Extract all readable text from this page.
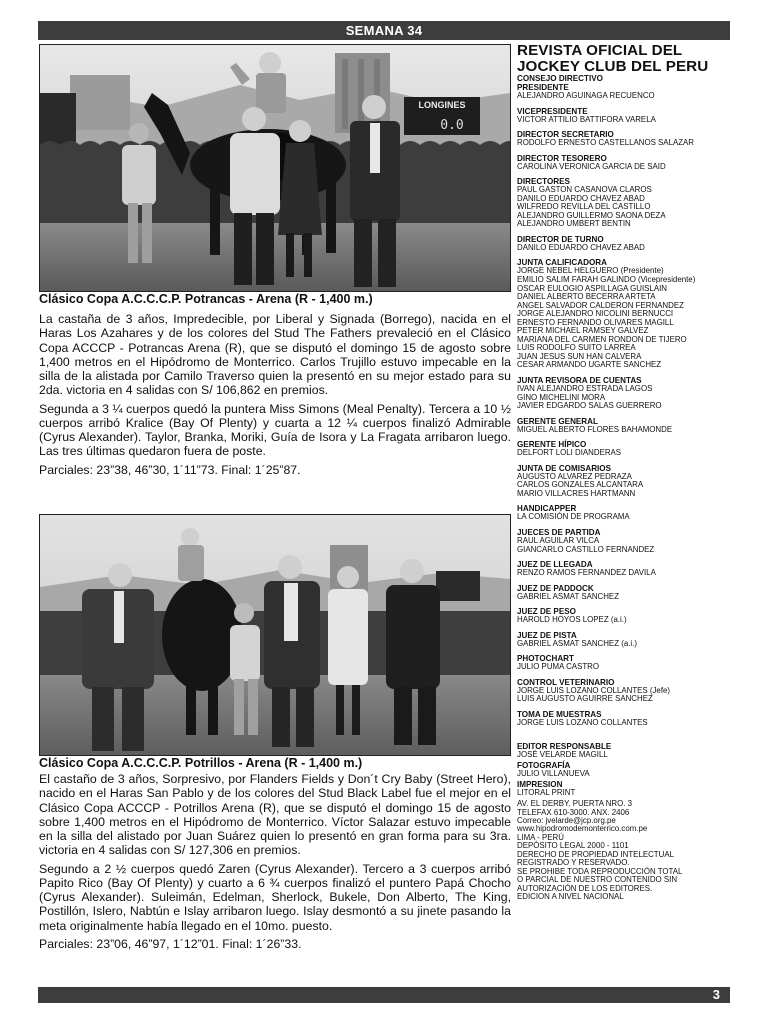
SEMANA 34
LONGINES
0.0
Clásico Copa A.C.C.C.P. Potrancas - Arena (R - 1,400 m.)

La castaña de 3 años, Impredecible, por Liberal y Signada (Borrego), nacida en el Haras Los Azahares y de los colores del Stud The Fathers prevaleció en el Clásico Copa ACCCP - Potrancas Arena (R), que se disputó el domingo 15 de agosto sobre 1,400 metros en el Hipódromo de Monterrico. Carlos Trujillo estuvo impecable en la silla de la alistada por Camilo Traverso quien la presentó en su mejor estado para su 2da. victoria en 4 salidas con S/ 106,862 en premios.

Segunda a 3 ¼ cuerpos quedó la puntera Miss Simons (Meal Penalty). Tercera a 10 ½ cuerpos arribó Kralice (Bay Of Plenty) y cuarta a 12 ¼ cuerpos finalizó Admirable (Cyrus Alexander). Taylor, Branka, Moriki, Guía de Isora y La Fragata arribaron luego. Las tres últimas quedaron fuera de poste.

Parciales: 23”38, 46”30, 1´11”73. Final: 1´25”87.

Clásico Copa A.C.C.C.P. Potrillos - Arena (R - 1,400 m.)

El castaño de 3 años, Sorpresivo, por Flanders Fields y Don´t Cry Baby (Street Hero), nacido en el Haras San Pablo y de los colores del Stud Black Label fue el mejor en el Clásico Copa ACCCP - Potrillos Arena (R), que se disputó el domingo 15 de agosto sobre 1,400 metros en el Hipódromo de Monterrico. Víctor Salazar estuvo impecable en la silla del alistado por Juan Suárez quien lo presentó en gran forma para su 3ra. victoria en 4 salidas con S/ 127,306 en premios.

Segundo a 2 ½ cuerpos quedó Zaren (Cyrus Alexander). Tercero a 3 cuerpos arribó Papito Rico (Bay Of Plenty) y cuarto a 6 ¾ cuerpos finalizó el puntero Papá Chocho (Cyrus Alexander). Suleimán, Edelman, Sherlock, Bukele, Don Alberto, The King, Postillón, Islero, Nabtún e Islay arribaron luego. Islay desmontó a su jinete pasando la meta originalmente había llegado en el 10mo. puesto.

Parciales: 23”06, 46”97, 1´12”01. Final: 1´26”33.

REVISTA OFICIAL DEL JOCKEY CLUB DEL PERU
CONSEJO DIRECTIVO
PRESIDENTE
ALEJANDRO AGUINAGA RECUENCO
VICEPRESIDENTE
VICTOR ATTILIO BATTIFORA VARELA
DIRECTOR SECRETARIO
RODOLFO ERNESTO CASTELLANOS SALAZAR
DIRECTOR TESORERO
CAROLINA VERONICA GARCIA DE SAID
DIRECTORES
PAUL GASTON CASANOVA CLAROS
DANILO EDUARDO CHAVEZ ABAD
WILFREDO REVILLA DEL CASTILLO
ALEJANDRO GUILLERMO SAONA DEZA
ALEJANDRO UMBERT BENTIN
DIRECTOR DE TURNO
DANILO EDUARDO CHAVEZ ABAD
JUNTA CALIFICADORA
JORGE NEBEL HELGUERO (Presidente)
EMILIO SALIM FARAH GALINDO (Vicepresidente)
OSCAR EULOGIO ASPILLAGA GUISLAIN
DANIEL ALBERTO BECERRA ARTETA
ANGEL SALVADOR CALDERON FERNANDEZ
JORGE ALEJANDRO NICOLINI BERNUCCI
ERNESTO FERNANDO OLIVARES MAGILL
PETER MICHAEL RAMSEY GALVEZ
MARIANA DEL CARMEN RONDON DE TIJERO
LUIS RODOLFO SUITO LARREA
JUAN JESUS SUN HAN CALVERA
CESAR ARMANDO UGARTE SANCHEZ
JUNTA REVISORA DE CUENTAS
IVAN ALEJANDRO ESTRADA LAGOS
GINO MICHELINI MORA
JAVIER EDGARDO SALAS GUERRERO
GERENTE GENERAL
MIGUEL ALBERTO FLORES BAHAMONDE
GERENTE HÍPICO
DELFORT LOLI DIANDERAS
JUNTA DE COMISARIOS
AUGUSTO ALVAREZ PEDRAZA
CARLOS GONZALES ALCANTARA
MARIO VILLACRES HARTMANN
HANDICAPPER
LA COMISIÓN DE PROGRAMA
JUECES DE PARTIDA
RAUL AGUILAR VILCA
GIANCARLO CASTILLO FERNANDEZ
JUEZ DE LLEGADA
RENZO RAMOS FERNANDEZ DAVILA
JUEZ DE PADDOCK
GABRIEL ASMAT SANCHEZ
JUEZ DE PESO
HAROLD HOYOS LOPEZ (a.i.)
JUEZ DE PISTA
GABRIEL ASMAT SANCHEZ (a.i.)
PHOTOCHART
JULIO PUMA CASTRO
CONTROL VETERINARIO
JORGE LUIS LOZANO COLLANTES (Jefe)
LUIS AUGUSTO AGUIRRE SANCHEZ
TOMA DE MUESTRAS
JORGE LUIS LOZANO COLLANTES
EDITOR RESPONSABLE
JOSÉ VELARDE MAGILL
FOTOGRAFÍA
JULIO VILLANUEVA
IMPRESION
LITORAL PRINT
AV. EL DERBY. PUERTA NRO. 3
TELEFAX 610-3000. ANX. 2406
Correo: jvelarde@jcp.org.pe
www.hipodromodemonterrico.com.pe
LIMA - PERÚ
DEPÓSITO LEGAL 2000 - 1101
DERECHO DE PROPIEDAD INTELECTUAL
REGISTRADO Y RESERVADO.
SE PROHIBE TODA REPRODUCCIÓN TOTAL
O PARCIAL DE NUESTRO CONTENIDO SIN
AUTORIZACIÓN DE LOS EDITORES.
EDICION A NIVEL NACIONAL
3
